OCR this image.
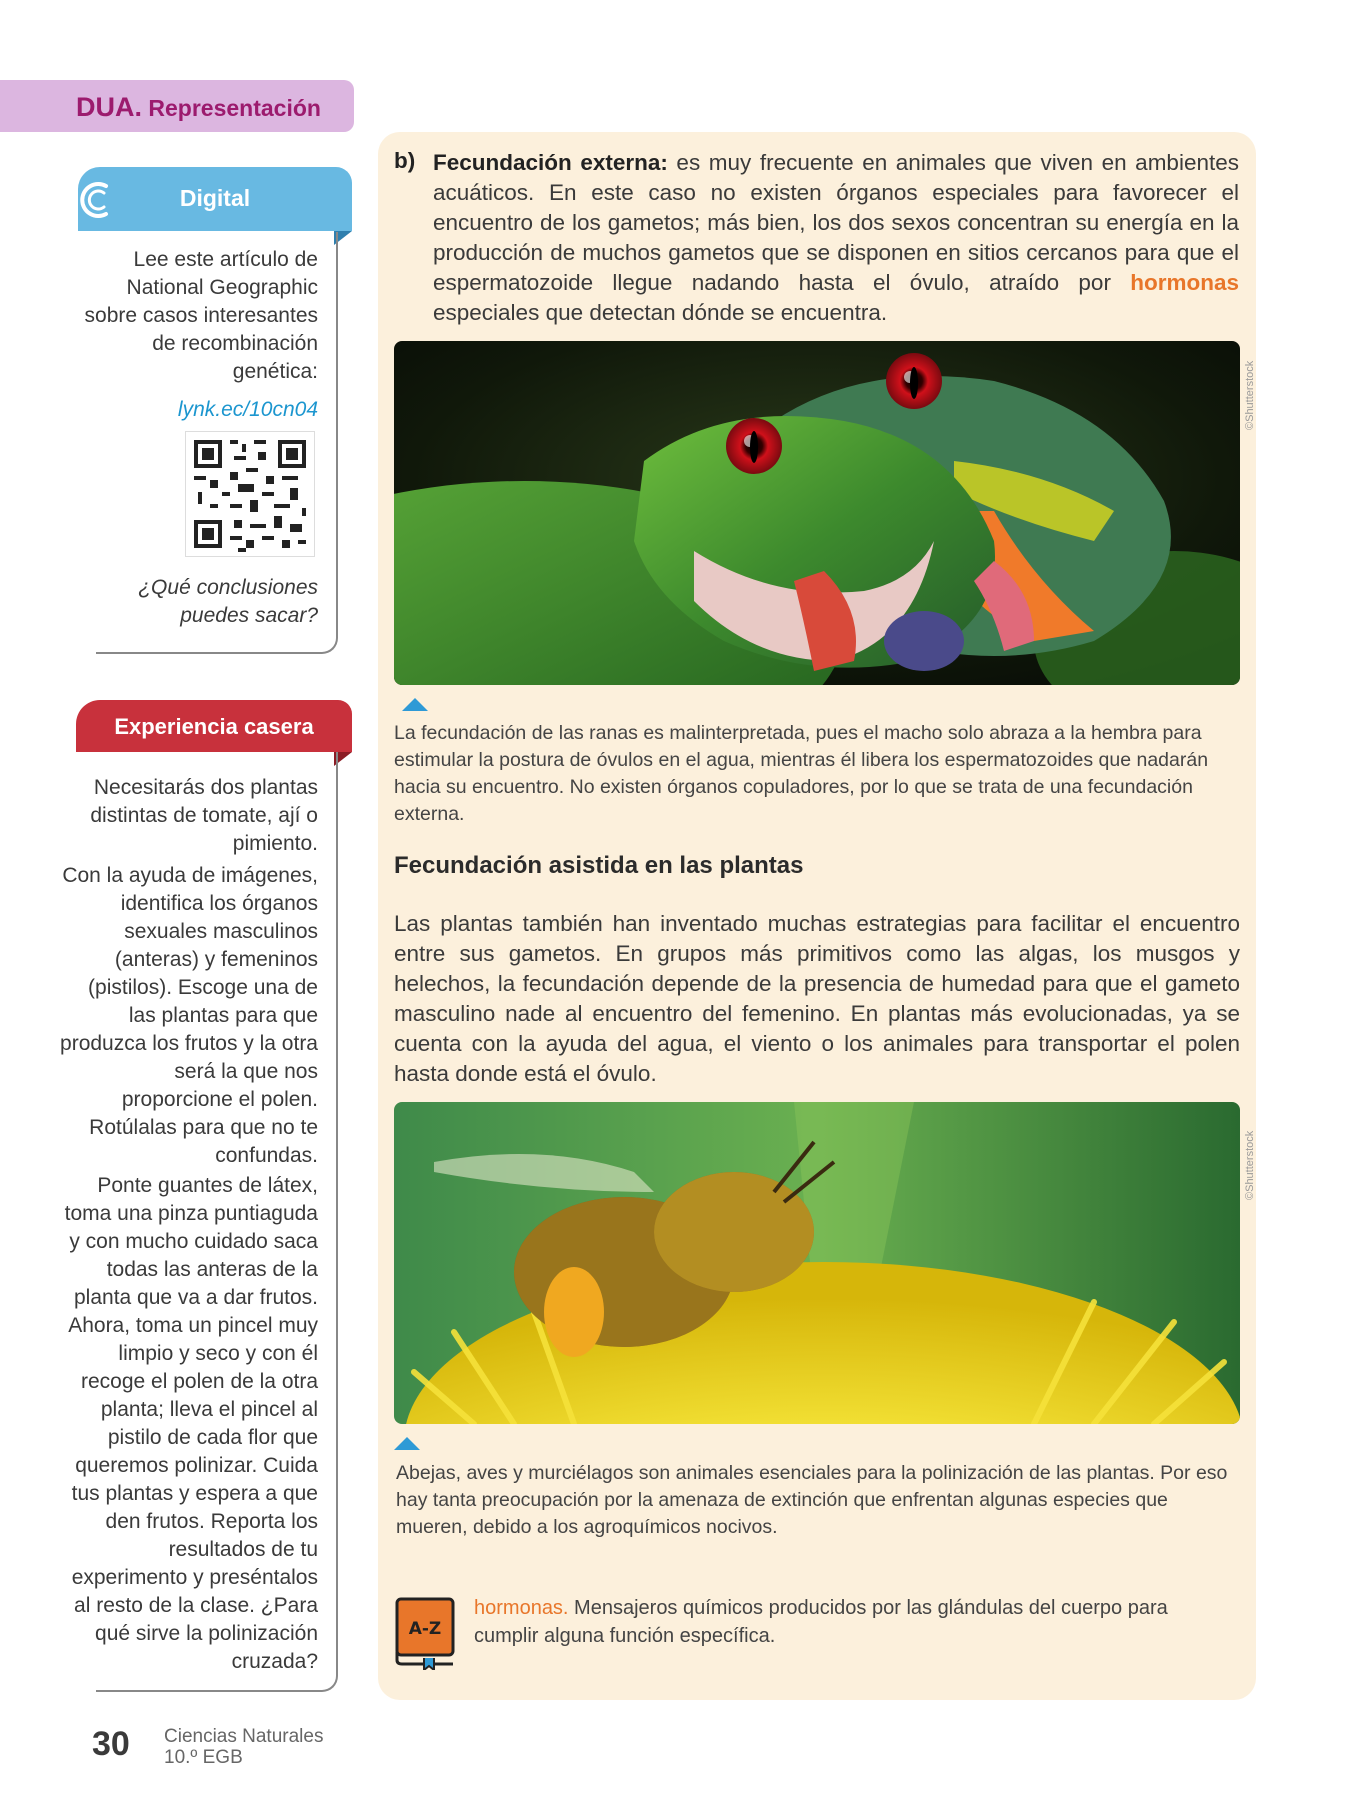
DUA. Representación
Digital
Lee este artículo de National Geographic sobre casos interesantes de recombinación genética:
lynk.ec/10cn04
¿Qué conclusiones puedes sacar?
Experiencia casera
Necesitarás dos plantas distintas de tomate, ají o pimiento.
Con la ayuda de imágenes, identifica los órganos sexuales masculinos (anteras) y femeninos (pistilos). Escoge una de las plantas para que produzca los frutos y la otra será la que nos proporcione el polen. Rotúlalas para que no te confundas.
Ponte guantes de látex, toma una pinza puntiaguda y con mucho cuidado saca todas las anteras de la planta que va a dar frutos. Ahora, toma un pincel muy limpio y seco y con él recoge el polen de la otra planta; lleva el pincel al pistilo de cada flor que queremos polinizar. Cuida tus plantas y espera a que den frutos. Reporta los resultados de tu experimento y preséntalos al resto de la clase. ¿Para qué sirve la polinización cruzada?
30 Ciencias Naturales
10.º EGB
b) Fecundación externa: es muy frecuente en animales que viven en ambientes acuáticos. En este caso no existen órganos especiales para favorecer el encuentro de los gametos; más bien, los dos sexos concentran su energía en la producción de muchos gametos que se disponen en sitios cercanos para que el espermatozoide llegue nadando hasta el óvulo, atraído por hormonas especiales que detectan dónde se encuentra.
©Shutterstock
La fecundación de las ranas es malinterpretada, pues el macho solo abraza a la hembra para estimular la postura de óvulos en el agua, mientras él libera los espermatozoides que nadarán hacia su encuentro. No existen órganos copuladores, por lo que se trata de una fecundación externa.
Fecundación asistida en las plantas
Las plantas también han inventado muchas estrategias para facilitar el encuentro entre sus gametos. En grupos más primitivos como las algas, los musgos y helechos, la fecundación depende de la presencia de humedad para que el gameto masculino nade al encuentro del femenino. En plantas más evolucionadas, ya se cuenta con la ayuda del agua, el viento o los animales para transportar el polen hasta donde está el óvulo.
©Shutterstock
Abejas, aves y murciélagos son animales esenciales para la polinización de las plantas. Por eso hay tanta preocupación por la amenaza de extinción que enfrentan algunas especies que mueren, debido a los agroquímicos nocivos.
A-Z
hormonas. Mensajeros químicos producidos por las glándulas del cuerpo para cumplir alguna función específica.
